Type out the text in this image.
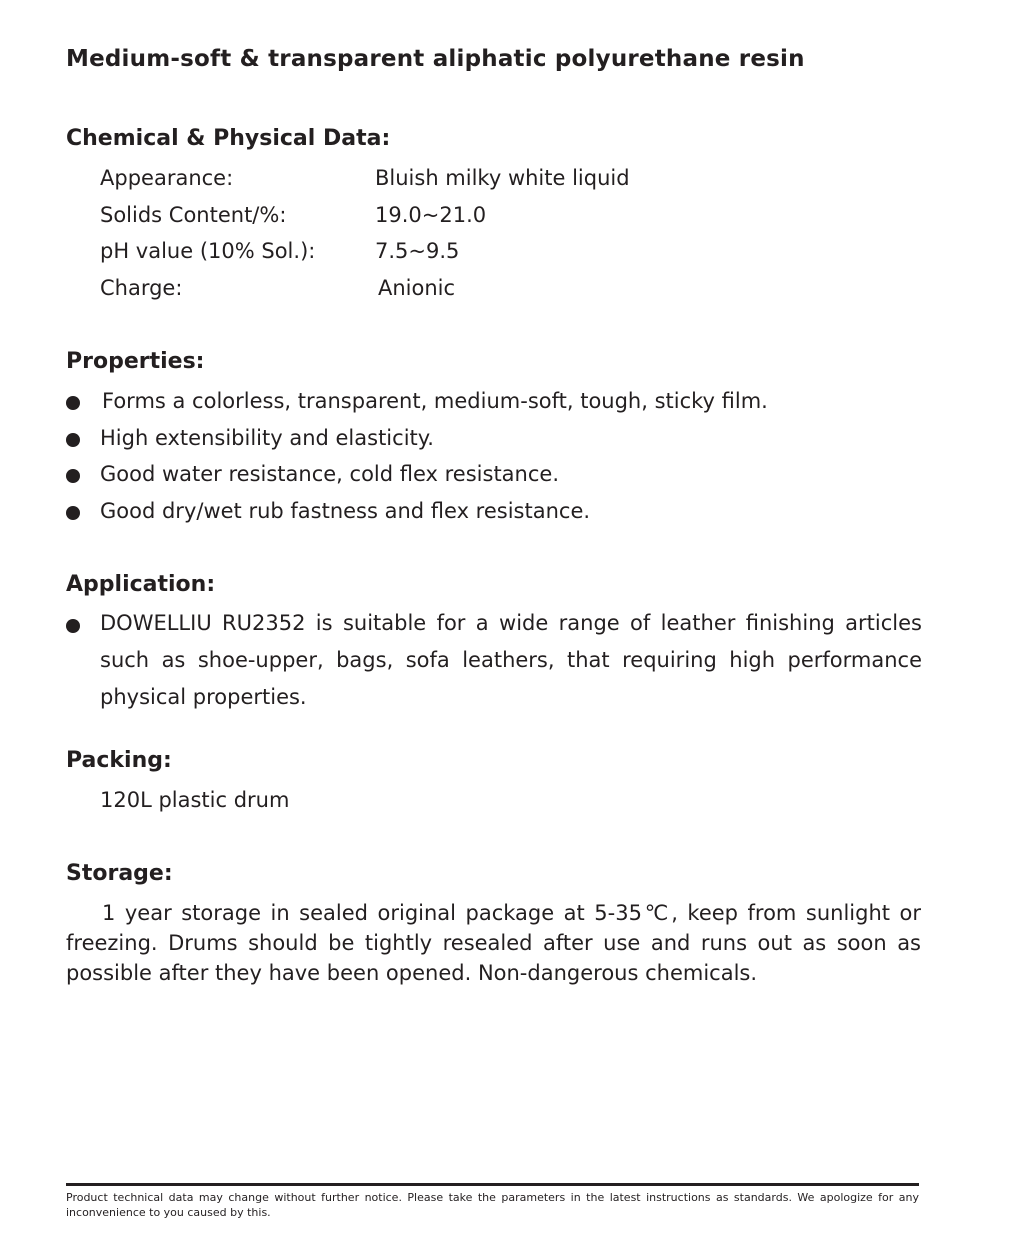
Medium-soft & transparent aliphatic polyurethane resin
Chemical & Physical Data:
Appearance:	Bluish milky white liquid
Solids Content/%:	19.0~21.0
pH value (10% Sol.):	7.5~9.5
Charge:	Anionic
Properties:
Forms a colorless, transparent, medium-soft, tough, sticky film.
High extensibility and elasticity.
Good water resistance, cold flex resistance.
Good dry/wet rub fastness and flex resistance.
Application:
DOWELLIU RU2352 is suitable for a wide range of leather finishing articles such as shoe-upper, bags, sofa leathers, that requiring high performance physical properties.
Packing:
120L plastic drum
Storage:
1 year storage in sealed original package at 5-35℃, keep from sunlight or freezing. Drums should be tightly resealed after use and runs out as soon as possible after they have been opened. Non-dangerous chemicals.
Product technical data may change without further notice. Please take the parameters in the latest instructions as standards. We apologize for any inconvenience to you caused by this.
